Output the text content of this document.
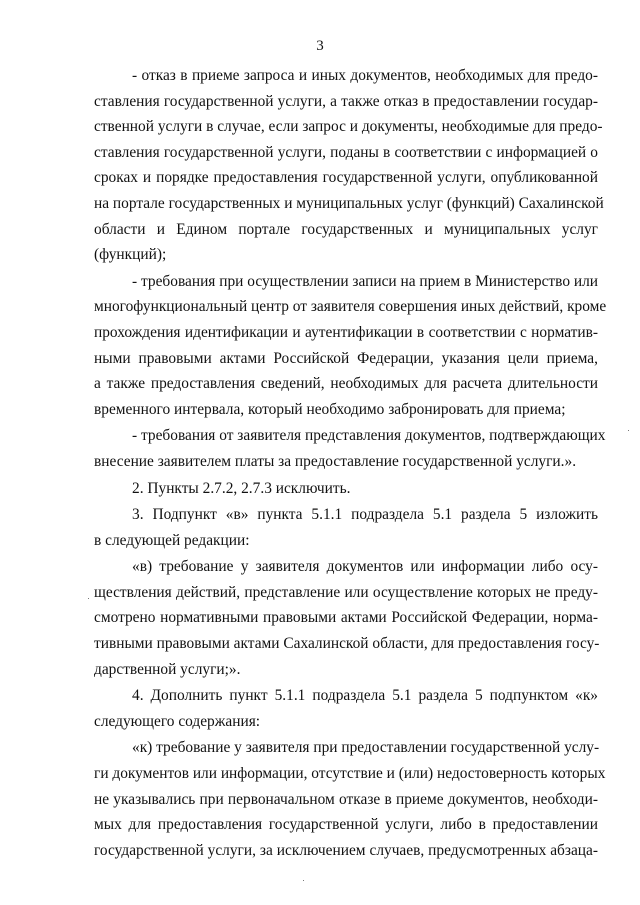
3
- отказ в приеме запроса и иных документов, необходимых для предо-
ставления государственной услуги, а также отказ в предоставлении государ-
ственной услуги в случае, если запрос и документы, необходимые для предо-
ставления государственной услуги, поданы в соответствии с информацией о
сроках и порядке предоставления государственной услуги, опубликованной
на портале государственных и муниципальных услуг (функций) Сахалинской
области и Едином портале государственных и муниципальных услуг
(функций);
- требования при осуществлении записи на прием в Министерство или
многофункциональный центр от заявителя совершения иных действий, кроме
прохождения идентификации и аутентификации в соответствии с норматив-
ными правовыми актами Российской Федерации, указания цели приема,
а также предоставления сведений, необходимых для расчета длительности
временного интервала, который необходимо забронировать для приема;
- требования от заявителя представления документов, подтверждающих
внесение заявителем платы за предоставление государственной услуги.».
2. Пункты 2.7.2, 2.7.3 исключить.
3. Подпункт «в» пункта 5.1.1 подраздела 5.1 раздела 5 изложить
в следующей редакции:
«в) требование у заявителя документов или информации либо осу-
ществления действий, представление или осуществление которых не преду-
смотрено нормативными правовыми актами Российской Федерации, норма-
тивными правовыми актами Сахалинской области, для предоставления госу-
дарственной услуги;».
4. Дополнить пункт 5.1.1 подраздела 5.1 раздела 5 подпунктом «к»
следующего содержания:
«к) требование у заявителя при предоставлении государственной услу-
ги документов или информации, отсутствие и (или) недостоверность которых
не указывались при первоначальном отказе в приеме документов, необходи-
мых для предоставления государственной услуги, либо в предоставлении
государственной услуги, за исключением случаев, предусмотренных абзаца-
